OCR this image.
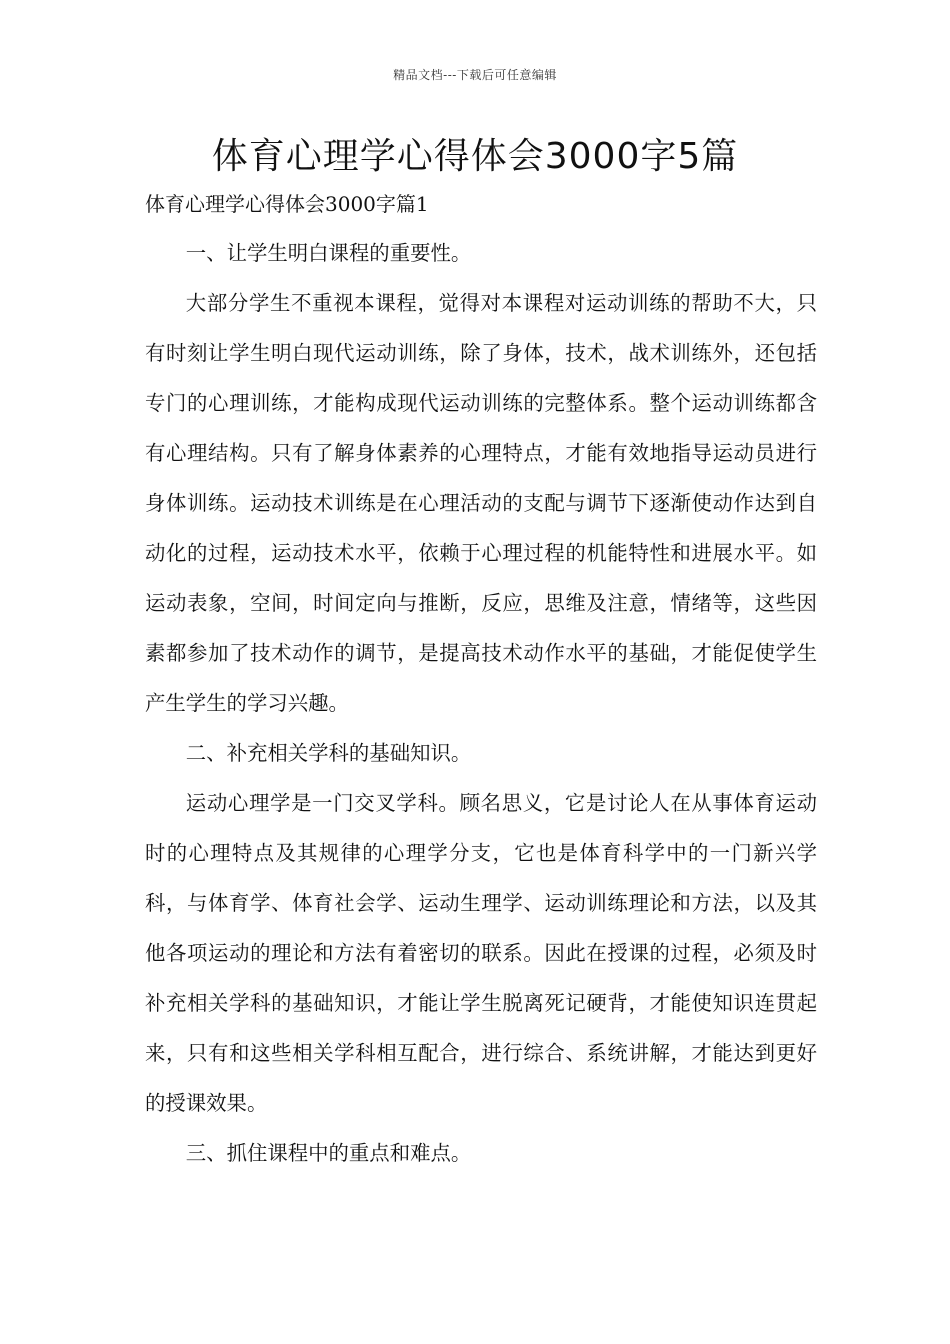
精品文档---下载后可任意编辑
体育心理学心得体会3000字5篇
体育心理学心得体会3000字篇1

一、让学生明白课程的重要性。

大部分学生不重视本课程，觉得对本课程对运动训练的帮助不大，只有时刻让学生明白现代运动训练，除了身体，技术，战术训练外，还包括专门的心理训练，才能构成现代运动训练的完整体系。整个运动训练都含有心理结构。只有了解身体素养的心理特点，才能有效地指导运动员进行身体训练。运动技术训练是在心理活动的支配与调节下逐渐使动作达到自动化的过程，运动技术水平，依赖于心理过程的机能特性和进展水平。如运动表象，空间，时间定向与推断，反应，思维及注意，情绪等，这些因素都参加了技术动作的调节，是提高技术动作水平的基础，才能促使学生产生学生的学习兴趣。

二、补充相关学科的基础知识。

运动心理学是一门交叉学科。顾名思义，它是讨论人在从事体育运动时的心理特点及其规律的心理学分支，它也是体育科学中的一门新兴学科，与体育学、体育社会学、运动生理学、运动训练理论和方法，以及其他各项运动的理论和方法有着密切的联系。因此在授课的过程，必须及时补充相关学科的基础知识，才能让学生脱离死记硬背，才能使知识连贯起来，只有和这些相关学科相互配合，进行综合、系统讲解，才能达到更好的授课效果。

三、抓住课程中的重点和难点。
